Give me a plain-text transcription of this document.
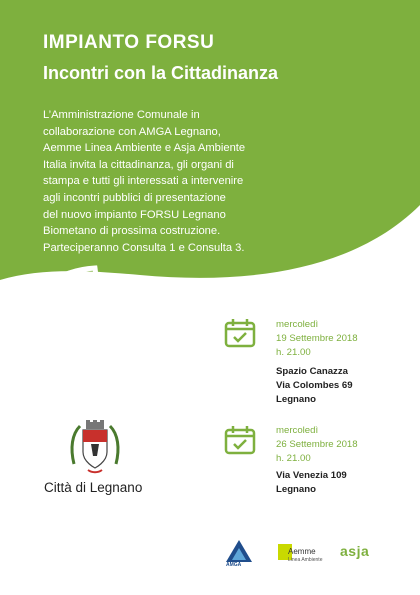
IMPIANTO FORSU
Incontri con la Cittadinanza
L’Amministrazione Comunale in
collaborazione con AMGA Legnano,
Aemme Linea Ambiente e Asja Ambiente
Italia invita la cittadinanza, gli organi di
stampa e tutti gli interessati a intervenire
agli incontri pubblici di presentazione
del nuovo impianto FORSU Legnano
Biometano di prossima costruzione.
Parteciperanno Consulta 1 e Consulta 3.
mercoledì
19 Settembre 2018
h. 21.00
Spazio Canazza
Via Colombes 69
Legnano
mercoledì
26 Settembre 2018
h. 21.00
Via Venezia 109
Legnano
Città di Legnano
AMGA
Aemme
Linea Ambiente
asja
